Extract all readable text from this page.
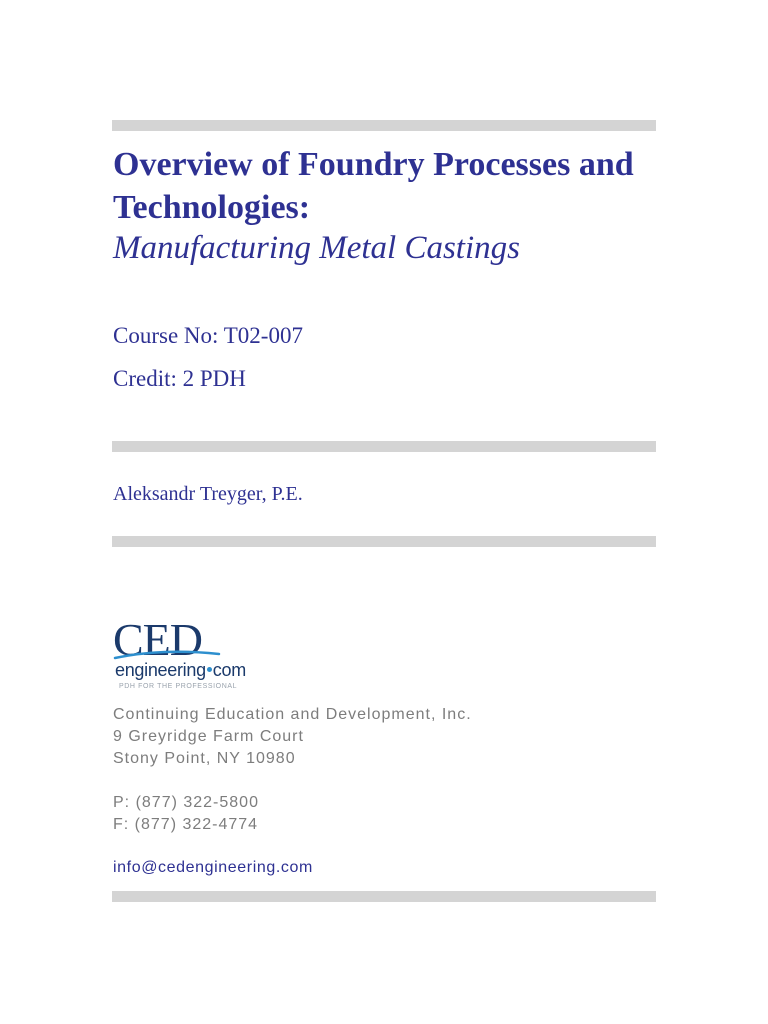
Overview of Foundry Processes and Technologies:
Manufacturing Metal Castings
Course No: T02-007
Credit: 2 PDH
Aleksandr Treyger, P.E.
CED
engineering com
PDH FOR THE PROFESSIONAL
Continuing Education and Development, Inc.
9 Greyridge Farm Court
Stony Point, NY 10980
P: (877) 322-5800
F: (877) 322-4774
info@cedengineering.com
